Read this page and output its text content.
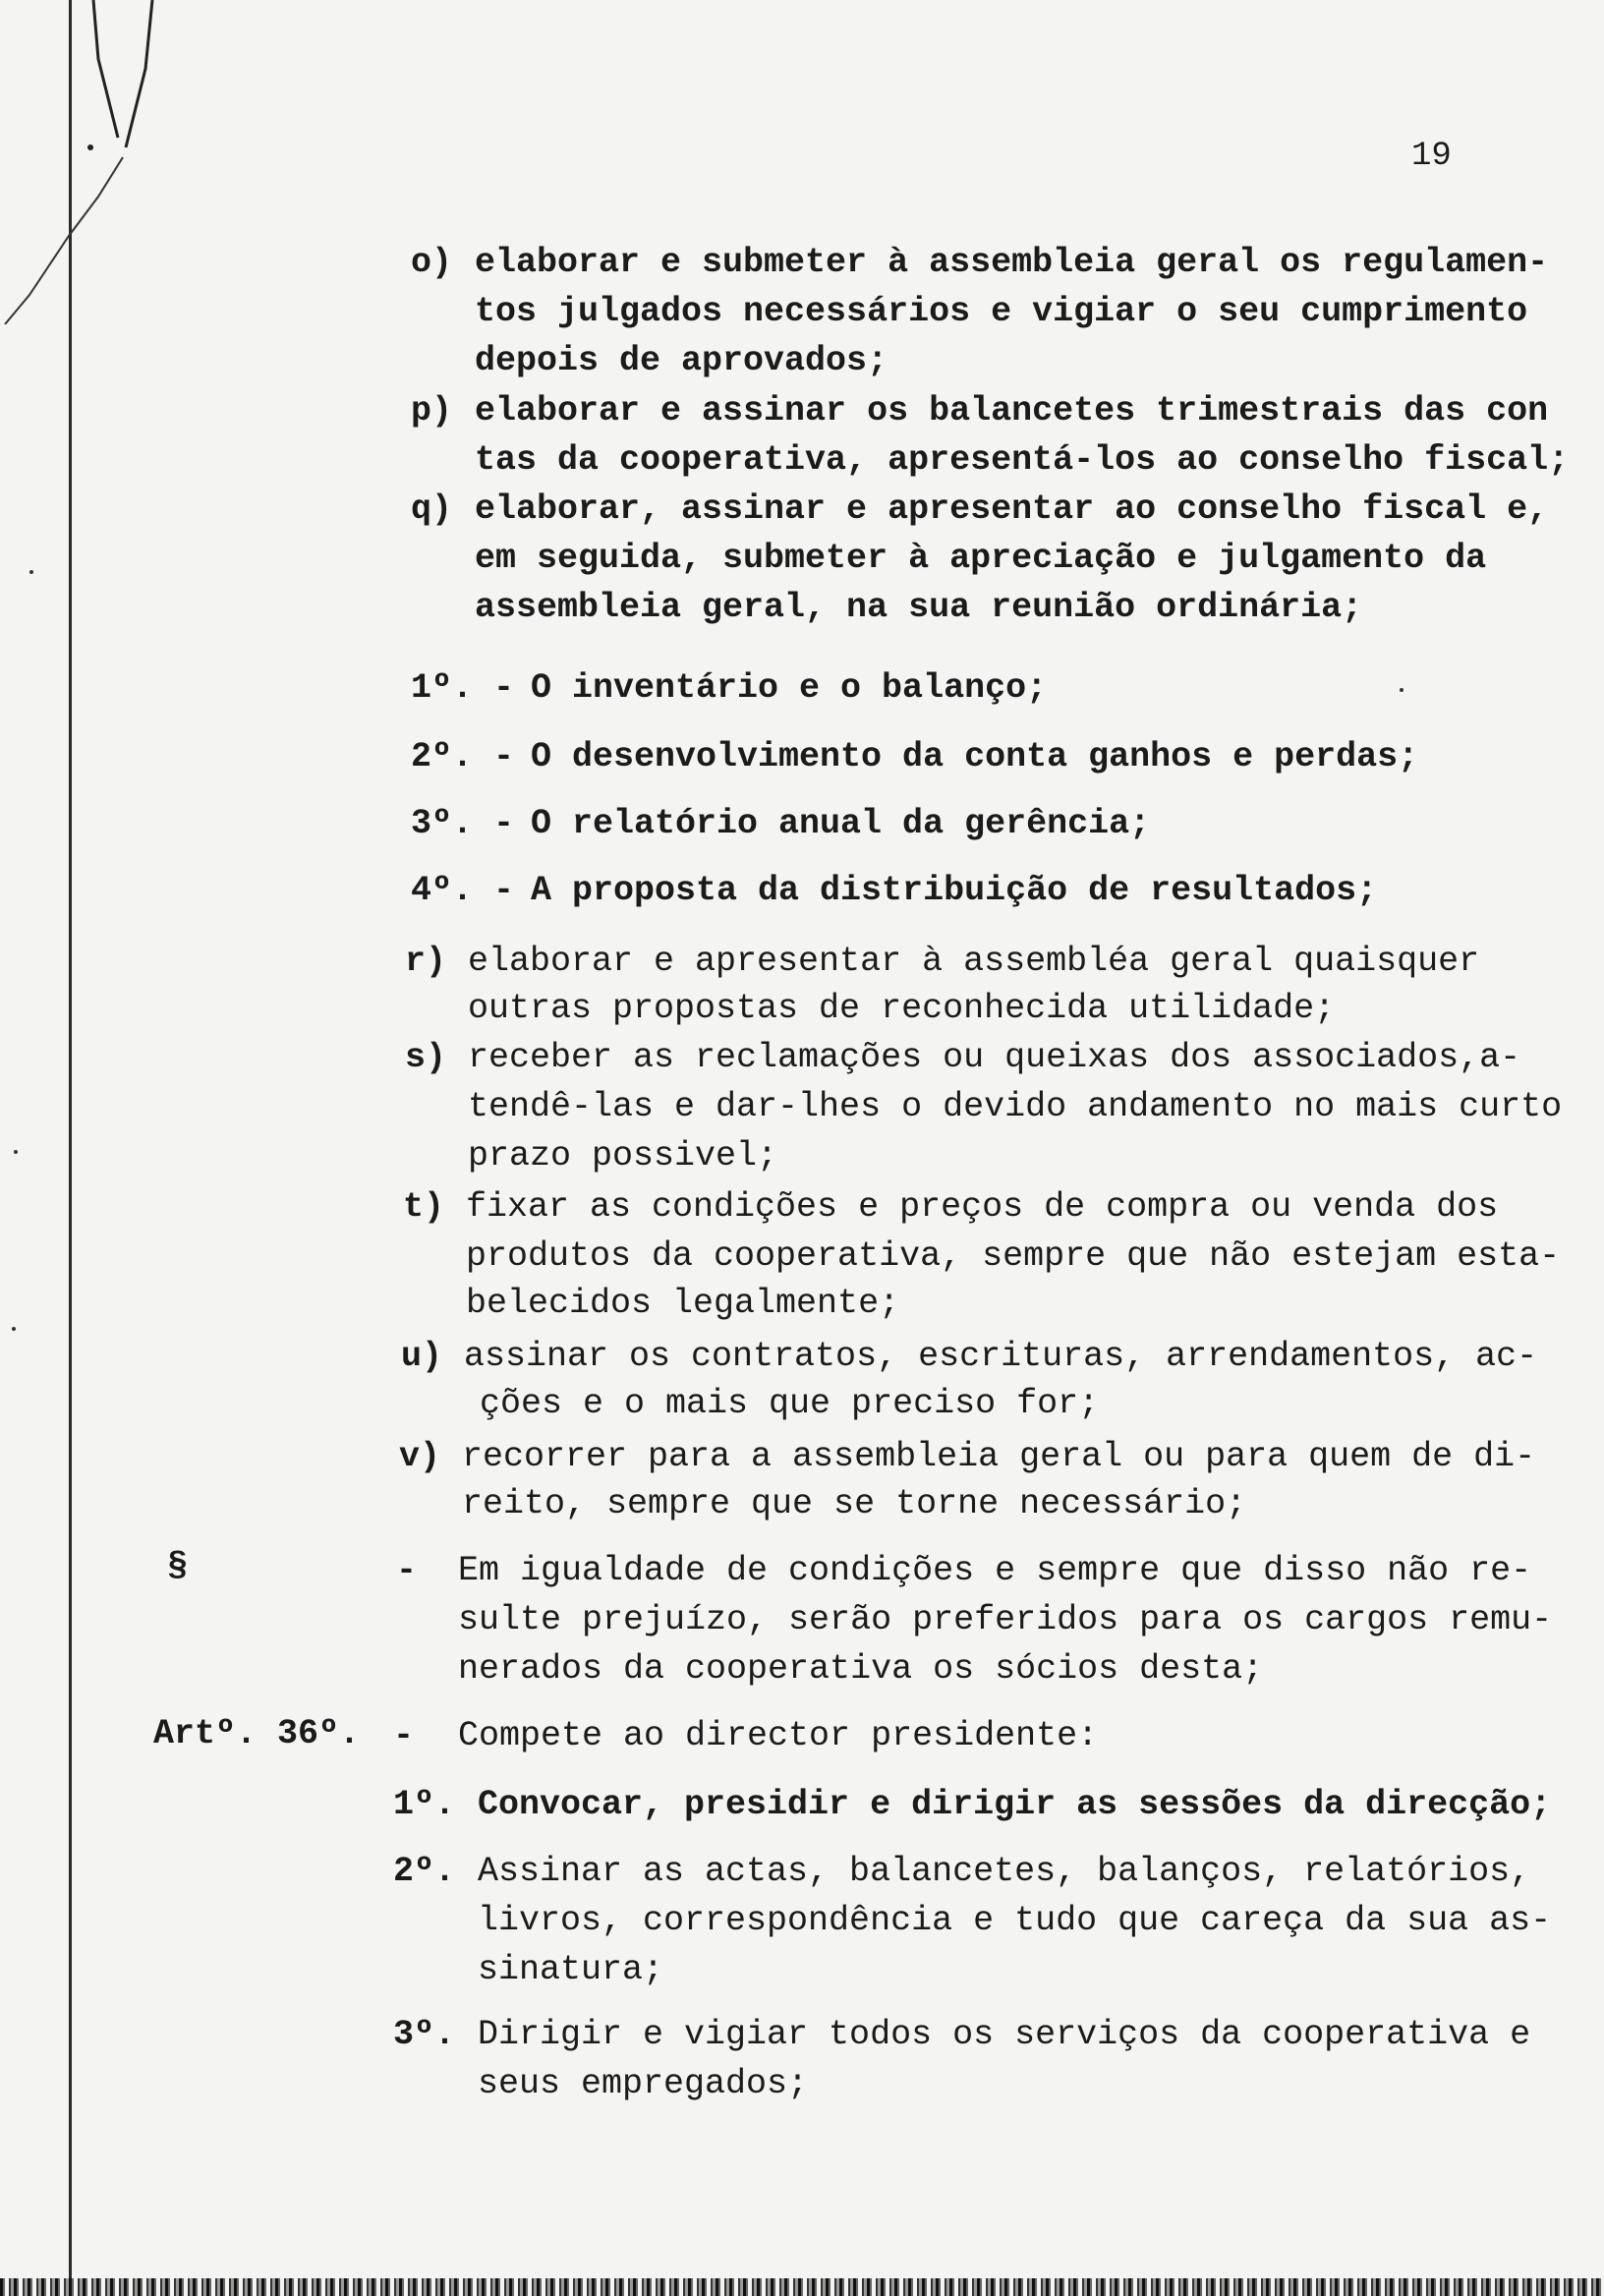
19
o) elaborar e submeter à assembleia geral os regulamen-
tos julgados necessários e vigiar o seu cumprimento
depois de aprovados;
p) elaborar e assinar os balancetes trimestrais das con
tas da cooperativa, apresentá-los ao conselho fiscal;
q) elaborar, assinar e apresentar ao conselho fiscal e,
em seguida, submeter à apreciação e julgamento da
assembleia geral, na sua reunião ordinária;
1º. - O inventário e o balanço;
2º. - O desenvolvimento da conta ganhos e perdas;
3º. - O relatório anual da gerência;
4º. - A proposta da distribuição de resultados;
r) elaborar e apresentar à assembléa geral quaisquer
outras propostas de reconhecida utilidade;
s) receber as reclamações ou queixas dos associados,a-
tendê-las e dar-lhes o devido andamento no mais curto
prazo possivel;
t) fixar as condições e preços de compra ou venda dos
produtos da cooperativa, sempre que não estejam esta-
belecidos legalmente;
u) assinar os contratos, escrituras, arrendamentos, ac-
ções e o mais que preciso for;
v) recorrer para a assembleia geral ou para quem de di-
reito, sempre que se torne necessário;
§	- Em igualdade de condições e sempre que disso não re-
sulte prejuízo, serão preferidos para os cargos remu-
nerados da cooperativa os sócios desta;
Artº. 36º. - Compete ao director presidente:
1º. Convocar, presidir e dirigir as sessões da direcção;
2º. Assinar as actas, balancetes, balanços, relatórios,
livros, correspondência e tudo que careça da sua as-
sinatura;
3º. Dirigir e vigiar todos os serviços da cooperativa e
seus empregados;
